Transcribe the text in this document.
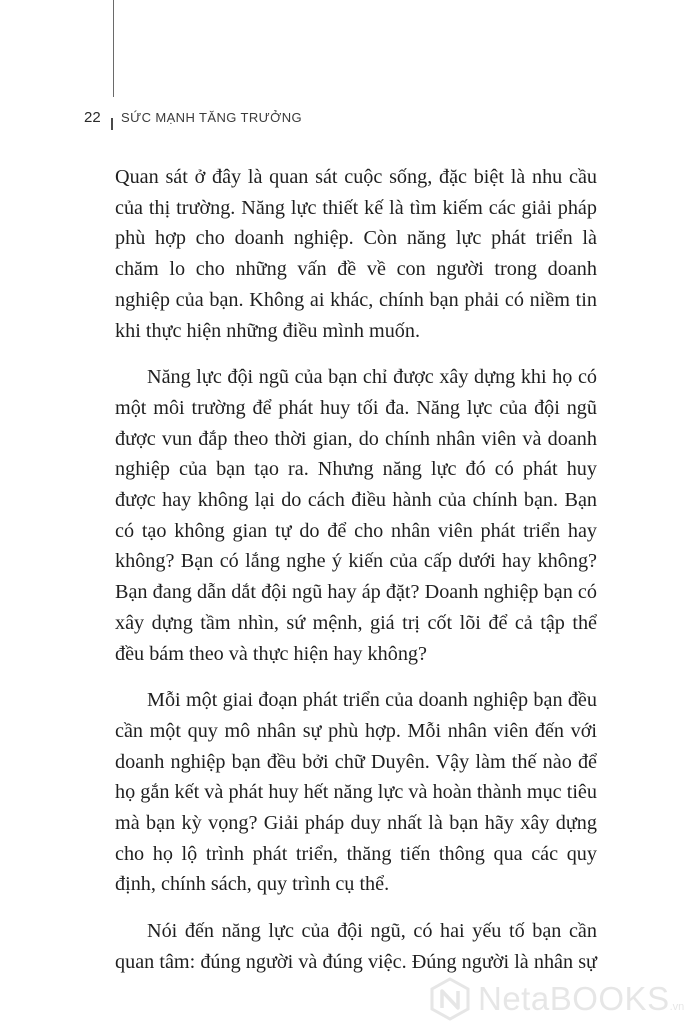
22 SỨC MẠNH TĂNG TRƯỞNG

Quan sát ở đây là quan sát cuộc sống, đặc biệt là nhu cầu của thị trường. Năng lực thiết kế là tìm kiếm các giải pháp phù hợp cho doanh nghiệp. Còn năng lực phát triển là chăm lo cho những vấn đề về con người trong doanh nghiệp của bạn. Không ai khác, chính bạn phải có niềm tin khi thực hiện những điều mình muốn.

Năng lực đội ngũ của bạn chỉ được xây dựng khi họ có một môi trường để phát huy tối đa. Năng lực của đội ngũ được vun đắp theo thời gian, do chính nhân viên và doanh nghiệp của bạn tạo ra. Nhưng năng lực đó có phát huy được hay không lại do cách điều hành của chính bạn. Bạn có tạo không gian tự do để cho nhân viên phát triển hay không? Bạn có lắng nghe ý kiến của cấp dưới hay không? Bạn đang dẫn dắt đội ngũ hay áp đặt? Doanh nghiệp bạn có xây dựng tầm nhìn, sứ mệnh, giá trị cốt lõi để cả tập thể đều bám theo và thực hiện hay không?

Mỗi một giai đoạn phát triển của doanh nghiệp bạn đều cần một quy mô nhân sự phù hợp. Mỗi nhân viên đến với doanh nghiệp bạn đều bởi chữ Duyên. Vậy làm thế nào để họ gắn kết và phát huy hết năng lực và hoàn thành mục tiêu mà bạn kỳ vọng? Giải pháp duy nhất là bạn hãy xây dựng cho họ lộ trình phát triển, thăng tiến thông qua các quy định, chính sách, quy trình cụ thể.

Nói đến năng lực của đội ngũ, có hai yếu tố bạn cần quan tâm: đúng người và đúng việc. Đúng người là nhân sự

NetaBOOKS .vn
